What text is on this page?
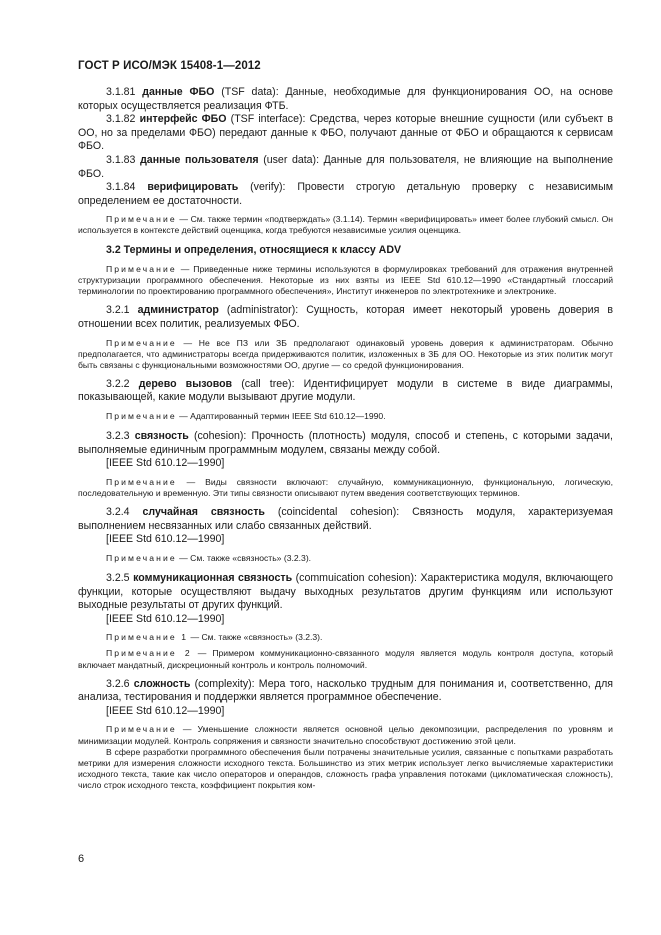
ГОСТ Р ИСО/МЭК 15408-1—2012

3.1.81 данные ФБО (TSF data): Данные, необходимые для функционирования ОО, на основе которых осуществляется реализация ФТБ.

3.1.82 интерфейс ФБО (TSF interface): Средства, через которые внешние сущности (или субъект в ОО, но за пределами ФБО) передают данные к ФБО, получают данные от ФБО и обращаются к сервисам ФБО.

3.1.83 данные пользователя (user data): Данные для пользователя, не влияющие на выполнение ФБО.

3.1.84 верифицировать (verify): Провести строгую детальную проверку с независимым определением ее достаточности.

Примечание — См. также термин «подтверждать» (3.1.14). Термин «верифицировать» имеет более глубокий смысл. Он используется в контексте действий оценщика, когда требуются независимые усилия оценщика.

3.2 Термины и определения, относящиеся к классу ADV

Примечание — Приведенные ниже термины используются в формулировках требований для отражения внутренней структуризации программного обеспечения. Некоторые из них взяты из IEEE Std 610.12—1990 «Стандартный глоссарий терминологии по проектированию программного обеспечения», Институт инженеров по электротехнике и электронике.

3.2.1 администратор (administrator): Сущность, которая имеет некоторый уровень доверия в отношении всех политик, реализуемых ФБО.

Примечание — Не все ПЗ или ЗБ предполагают одинаковый уровень доверия к администраторам. Обычно предполагается, что администраторы всегда придерживаются политик, изложенных в ЗБ для ОО. Некоторые из этих политик могут быть связаны с функциональными возможностями ОО, другие — со средой функционирования.

3.2.2 дерево вызовов (call tree): Идентифицирует модули в системе в виде диаграммы, показывающей, какие модули вызывают другие модули.

Примечание — Адаптированный термин IEEE Std 610.12—1990.

3.2.3 связность (cohesion): Прочность (плотность) модуля, способ и степень, с которыми задачи, выполняемые единичным программным модулем, связаны между собой.

[IEEE Std 610.12—1990]

Примечание — Виды связности включают: случайную, коммуникационную, функциональную, логическую, последовательную и временную. Эти типы связности описывают путем введения соответствующих терминов.

3.2.4 случайная связность (coincidental cohesion): Связность модуля, характеризуемая выполнением несвязанных или слабо связанных действий.

[IEEE Std 610.12—1990]

Примечание — См. также «связность» (3.2.3).

3.2.5 коммуникационная связность (commuication cohesion): Характеристика модуля, включающего функции, которые осуществляют выдачу выходных результатов другим функциям или используют выходные результаты от других функций.

[IEEE Std 610.12—1990]

Примечание 1 — См. также «связность» (3.2.3).

Примечание 2 — Примером коммуникационно-связанного модуля является модуль контроля доступа, который включает мандатный, дискреционный контроль и контроль полномочий.

3.2.6 сложность (complexity): Мера того, насколько трудным для понимания и, соответственно, для анализа, тестирования и поддержки является программное обеспечение.

[IEEE Std 610.12—1990]

Примечание — Уменьшение сложности является основной целью декомпозиции, распределения по уровням и минимизации модулей. Контроль сопряжения и связности значительно способствуют достижению этой цели.

В сфере разработки программного обеспечения были потрачены значительные усилия, связанные с попытками разработать метрики для измерения сложности исходного текста. Большинство из этих метрик использует легко вычисляемые характеристики исходного текста, такие как число операторов и операндов, сложность графа управления потоками (цикломатическая сложность), число строк исходного текста, коэффициент покрытия ком-

6
